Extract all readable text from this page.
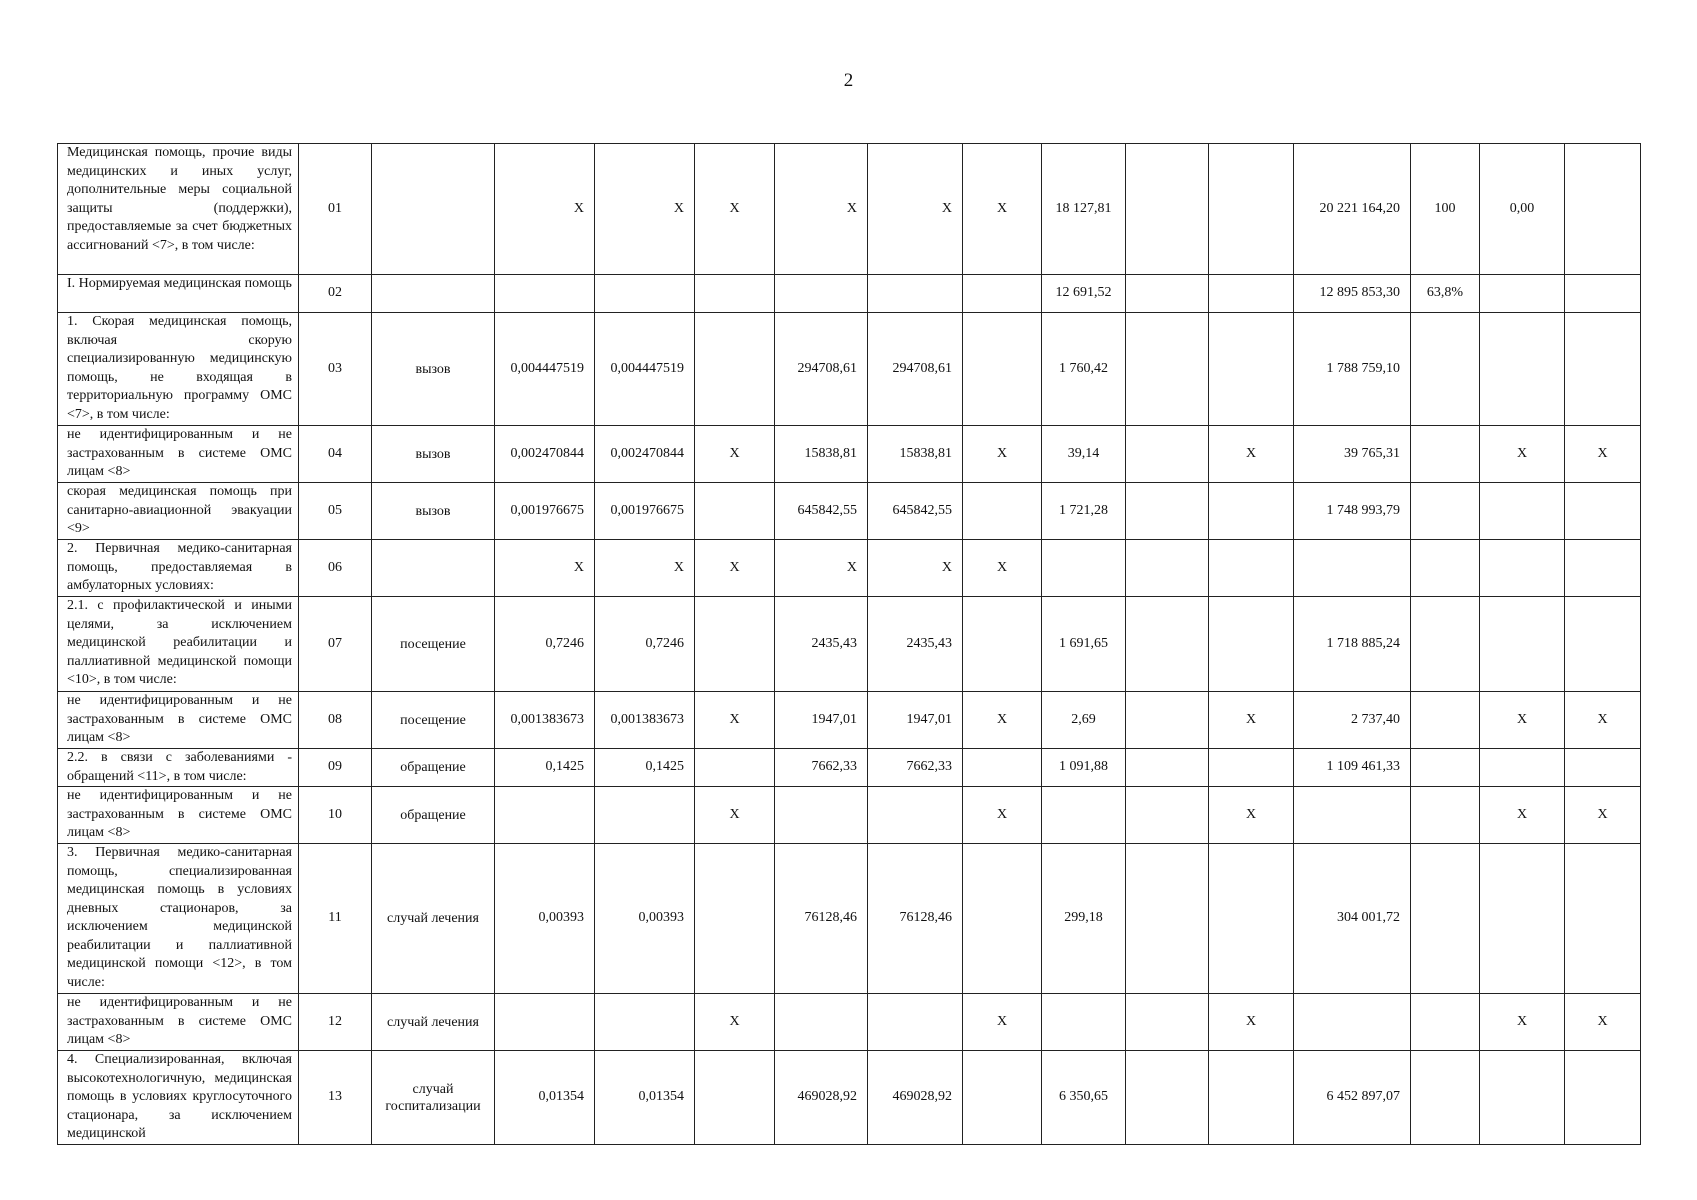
2
Медицинская помощь, прочие виды медицинских и иных услуг, дополнительные меры социальной защиты (поддержки), предоставляемые за счет бюджетных ассигнований <7>, в том числе:	01		X	X	X	X	X	X	18 127,81			20 221 164,20	100	0,00	
I. Нормируемая медицинская помощь	02								12 691,52			12 895 853,30	63,8%		
1. Скорая медицинская помощь, включая скорую специализированную медицинскую помощь, не входящая в территориальную программу ОМС <7>, в том числе:	03	вызов	0,004447519	0,004447519		294708,61	294708,61		1 760,42			1 788 759,10			
не идентифицированным и не застрахованным в системе ОМС лицам <8>	04	вызов	0,002470844	0,002470844	X	15838,81	15838,81	X	39,14		X	39 765,31		X	X
скорая медицинская помощь при санитарно-авиационной эвакуации <9>	05	вызов	0,001976675	0,001976675		645842,55	645842,55		1 721,28			1 748 993,79			
2. Первичная медико-санитарная помощь, предоставляемая в амбулаторных условиях:	06		X	X	X	X	X	X							
2.1. с профилактической и иными целями, за исключением медицинской реабилитации и паллиативной медицинской помощи <10>, в том числе:	07	посещение	0,7246	0,7246		2435,43	2435,43		1 691,65			1 718 885,24			
не идентифицированным и не застрахованным в системе ОМС лицам <8>	08	посещение	0,001383673	0,001383673	X	1947,01	1947,01	X	2,69		X	2 737,40		X	X
2.2. в связи с заболеваниями - обращений <11>, в том числе:	09	обращение	0,1425	0,1425		7662,33	7662,33		1 091,88			1 109 461,33			
не идентифицированным и не застрахованным в системе ОМС лицам <8>	10	обращение			X			X			X			X	X
3. Первичная медико-санитарная помощь, специализированная медицинская помощь в условиях дневных стационаров, за исключением медицинской реабилитации и паллиативной медицинской помощи <12>, в том числе:	11	случай лечения	0,00393	0,00393		76128,46	76128,46		299,18			304 001,72			
не идентифицированным и не застрахованным в системе ОМС лицам <8>	12	случай лечения			X			X			X			X	X
4. Специализированная, включая высокотехнологичную, медицинская помощь в условиях круглосуточного стационара, за исключением медицинской	13	случай госпитализации	0,01354	0,01354		469028,92	469028,92		6 350,65			6 452 897,07			
